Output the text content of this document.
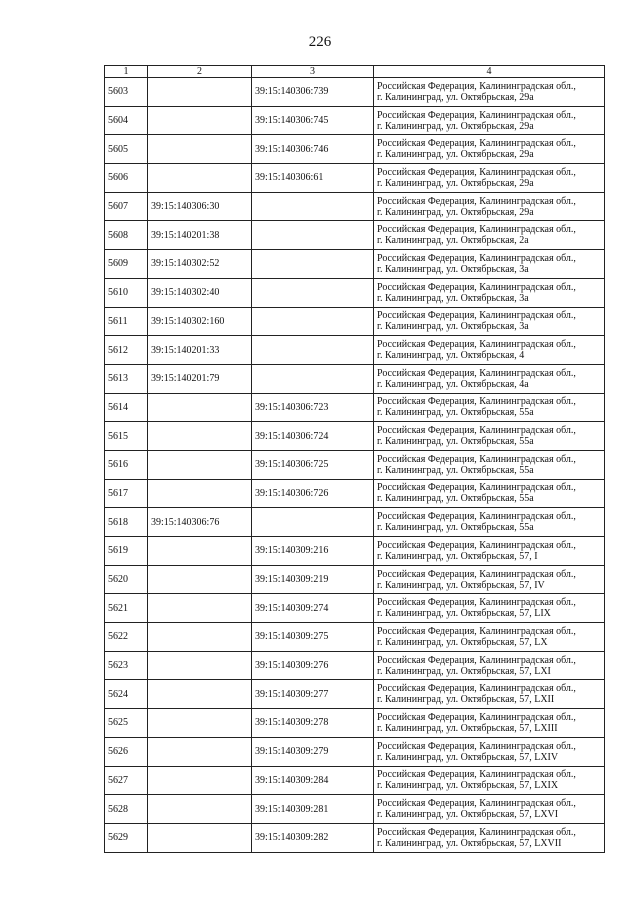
226
1	2	3	4
5603		39:15:140306:739	Российская Федерация, Калининградская обл.,
г. Калининград, ул. Октябрьская, 29а

5604		39:15:140306:745	Российская Федерация, Калининградская обл.,
г. Калининград, ул. Октябрьская, 29а

5605		39:15:140306:746	Российская Федерация, Калининградская обл.,
г. Калининград, ул. Октябрьская, 29а

5606		39:15:140306:61	Российская Федерация, Калининградская обл.,
г. Калининград, ул. Октябрьская, 29а

5607	39:15:140306:30		Российская Федерация, Калининградская обл.,
г. Калининград, ул. Октябрьская, 29а

5608	39:15:140201:38		Российская Федерация, Калининградская обл.,
г. Калининград, ул. Октябрьская, 2а

5609	39:15:140302:52		Российская Федерация, Калининградская обл.,
г. Калининград, ул. Октябрьская, 3а

5610	39:15:140302:40		Российская Федерация, Калининградская обл.,
г. Калининград, ул. Октябрьская, 3а

5611	39:15:140302:160		Российская Федерация, Калининградская обл.,
г. Калининград, ул. Октябрьская, 3а

5612	39:15:140201:33		Российская Федерация, Калининградская обл.,
г. Калининград, ул. Октябрьская, 4

5613	39:15:140201:79		Российская Федерация, Калининградская обл.,
г. Калининград, ул. Октябрьская, 4а

5614		39:15:140306:723	Российская Федерация, Калининградская обл.,
г. Калининград, ул. Октябрьская, 55а

5615		39:15:140306:724	Российская Федерация, Калининградская обл.,
г. Калининград, ул. Октябрьская, 55а

5616		39:15:140306:725	Российская Федерация, Калининградская обл.,
г. Калининград, ул. Октябрьская, 55а

5617		39:15:140306:726	Российская Федерация, Калининградская обл.,
г. Калининград, ул. Октябрьская, 55а

5618	39:15:140306:76		Российская Федерация, Калининградская обл.,
г. Калининград, ул. Октябрьская, 55а

5619		39:15:140309:216	Российская Федерация, Калининградская обл.,
г. Калининград, ул. Октябрьская, 57, I

5620		39:15:140309:219	Российская Федерация, Калининградская обл.,
г. Калининград, ул. Октябрьская, 57, IV

5621		39:15:140309:274	Российская Федерация, Калининградская обл.,
г. Калининград, ул. Октябрьская, 57, LIX

5622		39:15:140309:275	Российская Федерация, Калининградская обл.,
г. Калининград, ул. Октябрьская, 57, LX

5623		39:15:140309:276	Российская Федерация, Калининградская обл.,
г. Калининград, ул. Октябрьская, 57, LXI

5624		39:15:140309:277	Российская Федерация, Калининградская обл.,
г. Калининград, ул. Октябрьская, 57, LXII

5625		39:15:140309:278	Российская Федерация, Калининградская обл.,
г. Калининград, ул. Октябрьская, 57, LXIII

5626		39:15:140309:279	Российская Федерация, Калининградская обл.,
г. Калининград, ул. Октябрьская, 57, LXIV

5627		39:15:140309:284	Российская Федерация, Калининградская обл.,
г. Калининград, ул. Октябрьская, 57, LXIX

5628		39:15:140309:281	Российская Федерация, Калининградская обл.,
г. Калининград, ул. Октябрьская, 57, LXVI

5629		39:15:140309:282	Российская Федерация, Калининградская обл.,
г. Калининград, ул. Октябрьская, 57, LXVII
